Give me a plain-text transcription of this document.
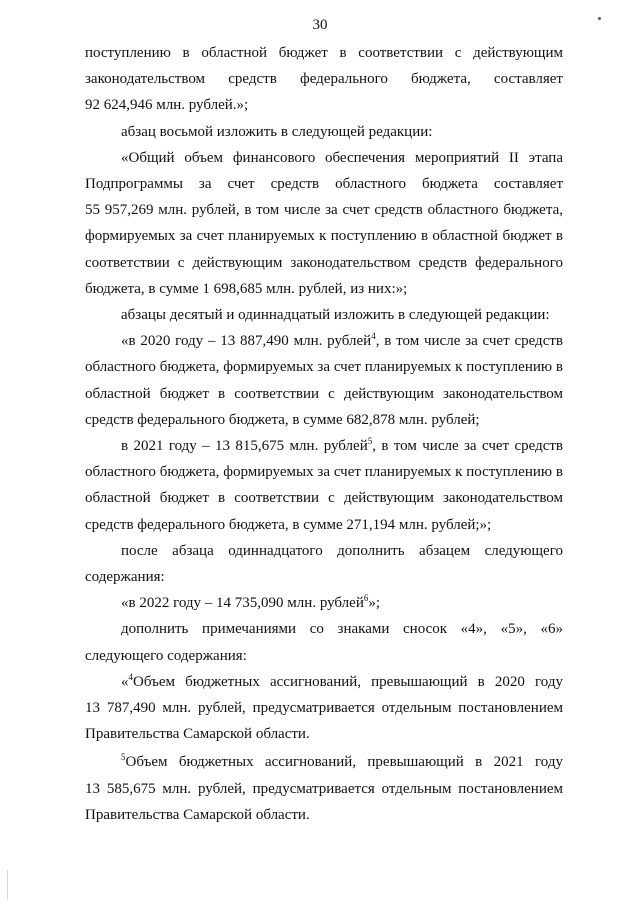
30
поступлению в областной бюджет в соответствии с действующим
законодательством средств федерального бюджета, составляет
92 624,946 млн. рублей.»;
абзац восьмой изложить в следующей редакции:
«Общий объем финансового обеспечения мероприятий II этапа
Подпрограммы за счет средств областного бюджета составляет
55 957,269 млн. рублей, в том числе за счет средств областного бюджета,
формируемых за счет планируемых к поступлению в областной бюджет в
соответствии с действующим законодательством средств федерального
бюджета, в сумме 1 698,685 млн. рублей, из них:»;
абзацы десятый и одиннадцатый изложить в следующей редакции:
«в 2020 году – 13 887,490 млн. рублей$^4$, в том числе за счет средств
областного бюджета, формируемых за счет планируемых к поступлению в
областной бюджет в соответствии с действующим законодательством
средств федерального бюджета, в сумме 682,878 млн. рублей;
в 2021 году – 13 815,675 млн. рублей$^5$, в том числе за счет средств
областного бюджета, формируемых за счет планируемых к поступлению в
областной бюджет в соответствии с действующим законодательством
средств федерального бюджета, в сумме 271,194 млн. рублей;»;
после абзаца одиннадцатого дополнить абзацем следующего
содержания:
«в 2022 году – 14 735,090 млн. рублей$^6$»;
дополнить примечаниями со знаками сносок «4», «5», «6»
следующего содержания:
«$^4$Объем бюджетных ассигнований, превышающий в 2020 году
13 787,490 млн. рублей, предусматривается отдельным постановлением
Правительства Самарской области.
$^5$Объем бюджетных ассигнований, превышающий в 2021 году
13 585,675 млн. рублей, предусматривается отдельным постановлением
Правительства Самарской области.
